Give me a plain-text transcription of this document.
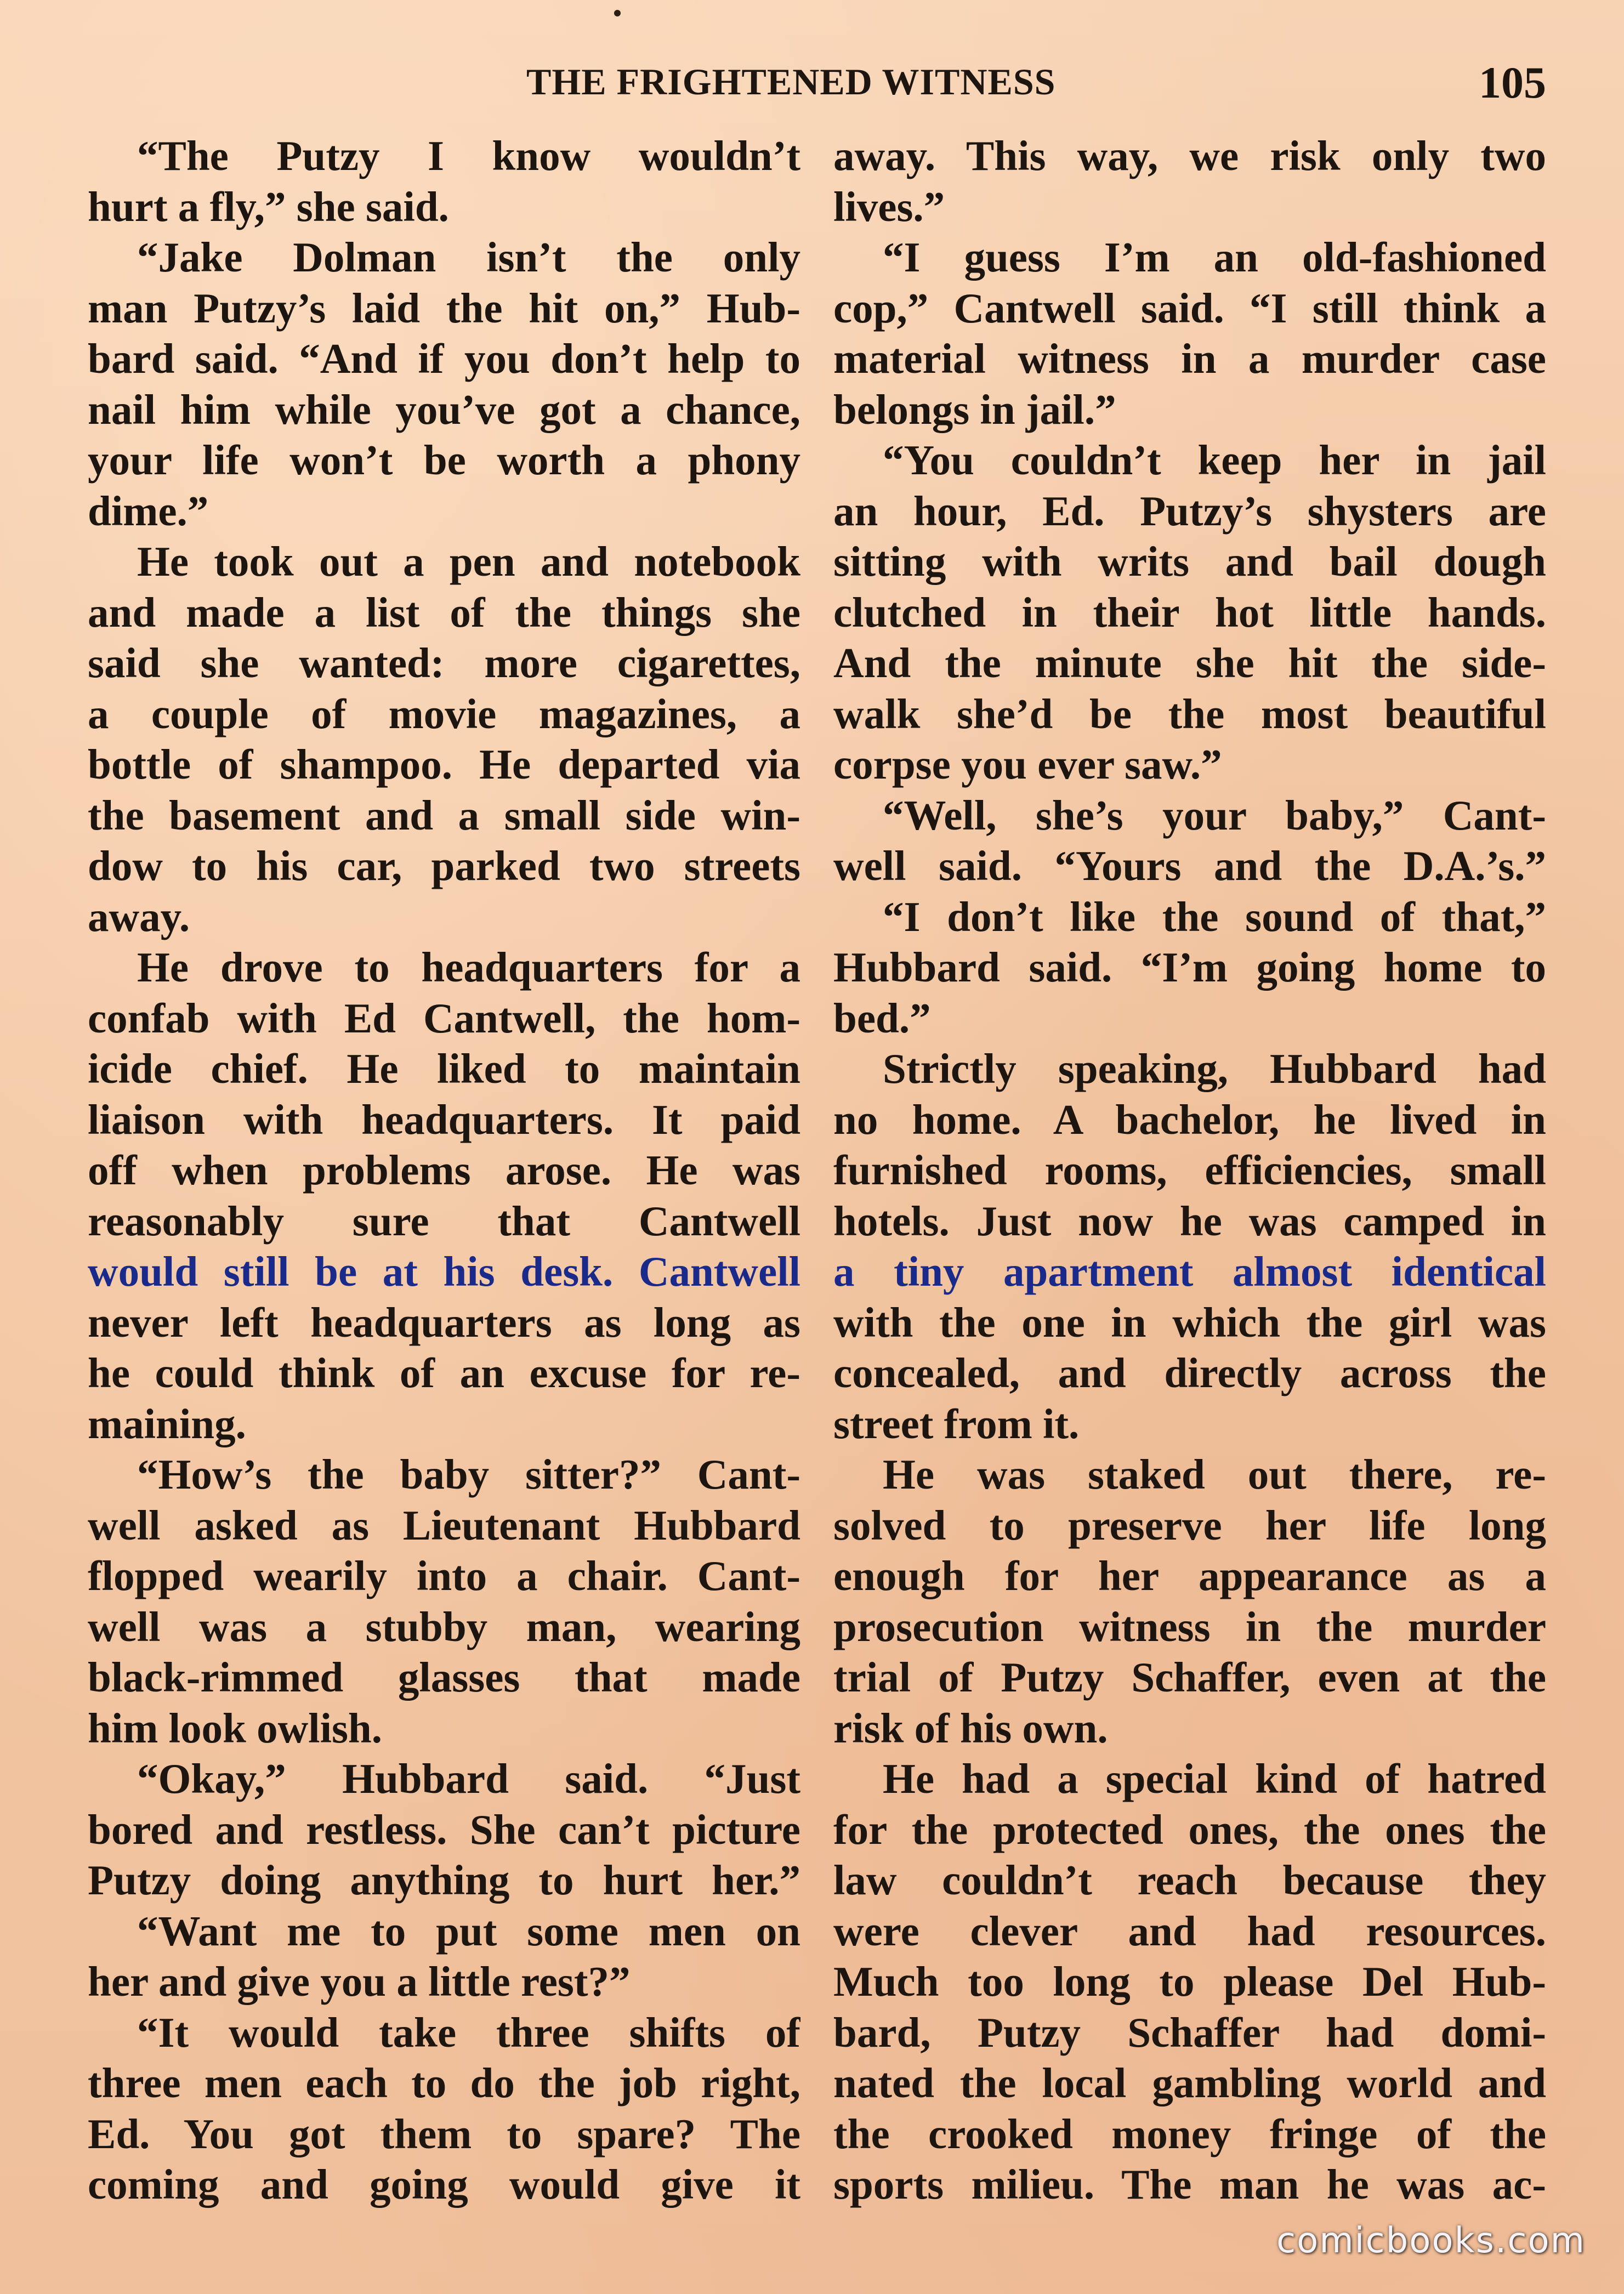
THE FRIGHTENED WITNESS	105
“The Putzy I know wouldn’t
hurt a fly,” she said.
“Jake Dolman isn’t the only
man Putzy’s laid the hit on,” Hub-
bard said. “And if you don’t help to
nail him while you’ve got a chance,
your life won’t be worth a phony
dime.”
He took out a pen and notebook
and made a list of the things she
said she wanted: more cigarettes,
a couple of movie magazines, a
bottle of shampoo. He departed via
the basement and a small side win-
dow to his car, parked two streets
away.
He drove to headquarters for a
confab with Ed Cantwell, the hom-
icide chief. He liked to maintain
liaison with headquarters. It paid
off when problems arose. He was
reasonably sure that Cantwell
would still be at his desk. Cantwell
never left headquarters as long as
he could think of an excuse for re-
maining.
“How’s the baby sitter?” Cant-
well asked as Lieutenant Hubbard
flopped wearily into a chair. Cant-
well was a stubby man, wearing
black-rimmed glasses that made
him look owlish.
“Okay,” Hubbard said. “Just
bored and restless. She can’t picture
Putzy doing anything to hurt her.”
“Want me to put some men on
her and give you a little rest?”
“It would take three shifts of
three men each to do the job right,
Ed. You got them to spare? The
coming and going would give it
away. This way, we risk only two
lives.”
“I guess I’m an old-fashioned
cop,” Cantwell said. “I still think a
material witness in a murder case
belongs in jail.”
“You couldn’t keep her in jail
an hour, Ed. Putzy’s shysters are
sitting with writs and bail dough
clutched in their hot little hands.
And the minute she hit the side-
walk she’d be the most beautiful
corpse you ever saw.”
“Well, she’s your baby,” Cant-
well said. “Yours and the D.A.’s.”
“I don’t like the sound of that,”
Hubbard said. “I’m going home to
bed.”
Strictly speaking, Hubbard had
no home. A bachelor, he lived in
furnished rooms, efficiencies, small
hotels. Just now he was camped in
a tiny apartment almost identical
with the one in which the girl was
concealed, and directly across the
street from it.
He was staked out there, re-
solved to preserve her life long
enough for her appearance as a
prosecution witness in the murder
trial of Putzy Schaffer, even at the
risk of his own.
He had a special kind of hatred
for the protected ones, the ones the
law couldn’t reach because they
were clever and had resources.
Much too long to please Del Hub-
bard, Putzy Schaffer had domi-
nated the local gambling world and
the crooked money fringe of the
sports milieu. The man he was ac-
comicbooks.com
